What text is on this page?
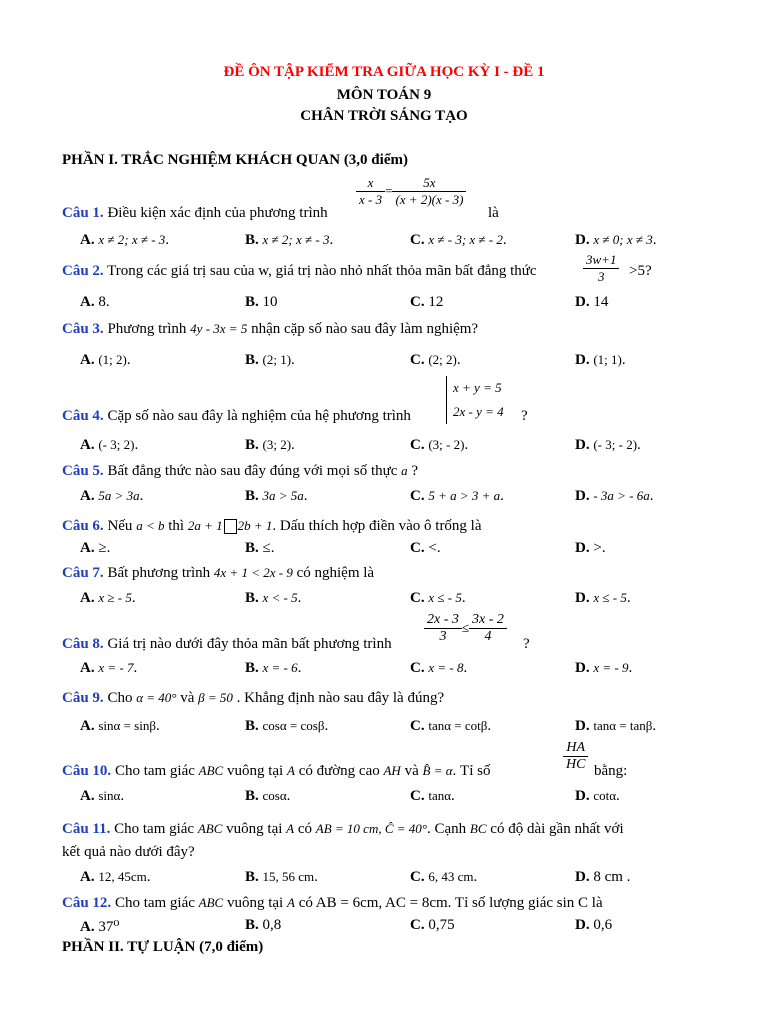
ĐỀ ÔN TẬP KIỂM TRA GIỮA HỌC KỲ I - ĐỀ 1
MÔN TOÁN 9
CHÂN TRỜI SÁNG TẠO
PHẦN I. TRẮC NGHIỆM KHÁCH QUAN (3,0 điểm)
Câu 1. Điều kiện xác định của phương trình
$\frac{x}{x - 3} = \frac{5x}{(x + 2)(x - 3)}$
là
A. x ≠ 2; x ≠ - 3.	B. x ≠ 2; x ≠ - 3.	C. x ≠ - 3; x ≠ - 2.	D. x ≠ 0; x ≠ 3.
Câu 2. Trong các giá trị sau của w, giá trị nào nhỏ nhất thỏa mãn bất đẳng thức	$\frac{3w+1}{3} >5$?
A. 8.	B. 10	C. 12	D. 14
Câu 3. Phương trình 4y - 3x = 5 nhận cặp số nào sau đây làm nghiệm?
A. (1; 2).	B. (2; 1).	C. (2; 2).	D. (1; 1).
Câu 4. Cặp số nào sau đây là nghiệm của hệ phương trình
x + y = 5
2x - y = 4 ?
A. (- 3; 2).	B. (3; 2).	C. (3; - 2).	D. (- 3; - 2).
Câu 5. Bất đẳng thức nào sau đây đúng với mọi số thực a ?
A. 5a > 3a.	B. 3a > 5a.	C. 5 + a > 3 + a.	D. - 3a > - 6a.
Câu 6. Nếu a < b thì 2a + 1 2b + 1. Dấu thích hợp điền vào ô trống là
A. ≥.	B. ≤.	C. <.	D. >.
Câu 7. Bất phương trình 4x + 1 < 2x - 9 có nghiệm là
A. x ≥ - 5.	B. x < - 5.	C. x ≤ - 5.	D. x ≤ - 5.
Câu 8. Giá trị nào dưới đây thỏa mãn bất phương trình $\frac{2x - 3}{3} \le \frac{3x - 2}{4}$ ?
A. x = - 7.	B. x = - 6.	C. x = - 8.	D. x = - 9.
Câu 9. Cho α = 40° và β = 50 . Khẳng định nào sau đây là đúng?
A. sinα = sinβ.	B. cosα = cosβ.	C. tanα = cotβ.	D. tanα = tanβ.
Câu 10. Cho tam giác ABC vuông tại A có đường cao AH và B̂ = α. Tỉ số	$\frac{HA}{HC}$ bằng:
A. sinα.	B. cosα.	C. tanα.	D. cotα.
Câu 11. Cho tam giác ABC vuông tại A có AB = 10 cm, Ĉ = 40°. Cạnh BC có độ dài gần nhất với
kết quả nào dưới đây?
A. 12, 45cm.	B. 15, 56 cm.	C. 6, 43 cm.	D. 8 cm .
Câu 12. Cho tam giác ABC vuông tại A có AB = 6cm, AC = 8cm. Tỉ số lượng giác sin C là
A. 37⁰	B. 0,8	C. 0,75	D. 0,6
PHẦN II. TỰ LUẬN (7,0 điểm)
